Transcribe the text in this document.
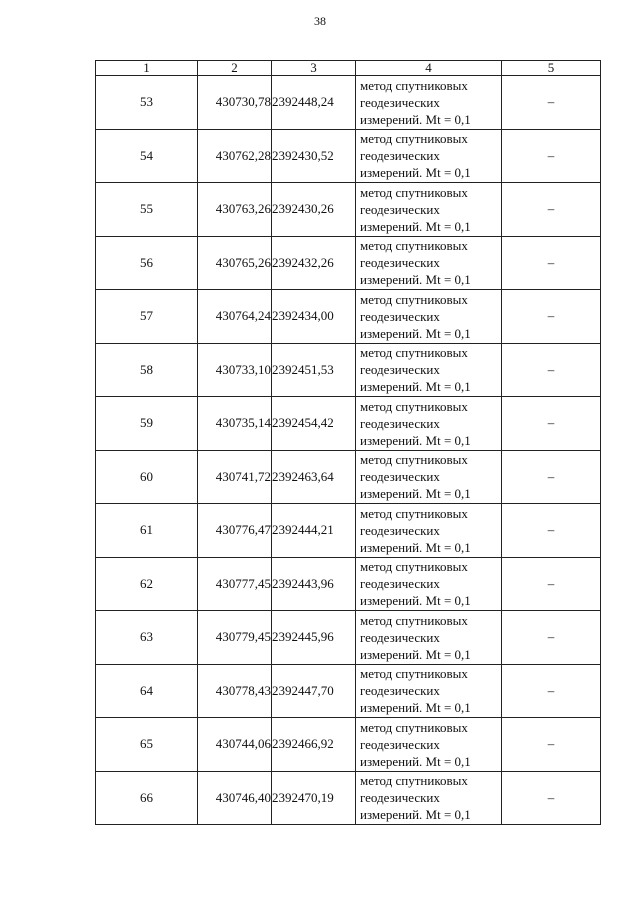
38
1	2	3	4	5
53	430730,78	2392448,24	метод спутниковых
геодезических
измерений. Mt = 0,1	–
54	430762,28	2392430,52	метод спутниковых
геодезических
измерений. Mt = 0,1	–
55	430763,26	2392430,26	метод спутниковых
геодезических
измерений. Mt = 0,1	–
56	430765,26	2392432,26	метод спутниковых
геодезических
измерений. Mt = 0,1	–
57	430764,24	2392434,00	метод спутниковых
геодезических
измерений. Mt = 0,1	–
58	430733,10	2392451,53	метод спутниковых
геодезических
измерений. Mt = 0,1	–
59	430735,14	2392454,42	метод спутниковых
геодезических
измерений. Mt = 0,1	–
60	430741,72	2392463,64	метод спутниковых
геодезических
измерений. Mt = 0,1	–
61	430776,47	2392444,21	метод спутниковых
геодезических
измерений. Mt = 0,1	–
62	430777,45	2392443,96	метод спутниковых
геодезических
измерений. Mt = 0,1	–
63	430779,45	2392445,96	метод спутниковых
геодезических
измерений. Mt = 0,1	–
64	430778,43	2392447,70	метод спутниковых
геодезических
измерений. Mt = 0,1	–
65	430744,06	2392466,92	метод спутниковых
геодезических
измерений. Mt = 0,1	–
66	430746,40	2392470,19	метод спутниковых
геодезических
измерений. Mt = 0,1	–
